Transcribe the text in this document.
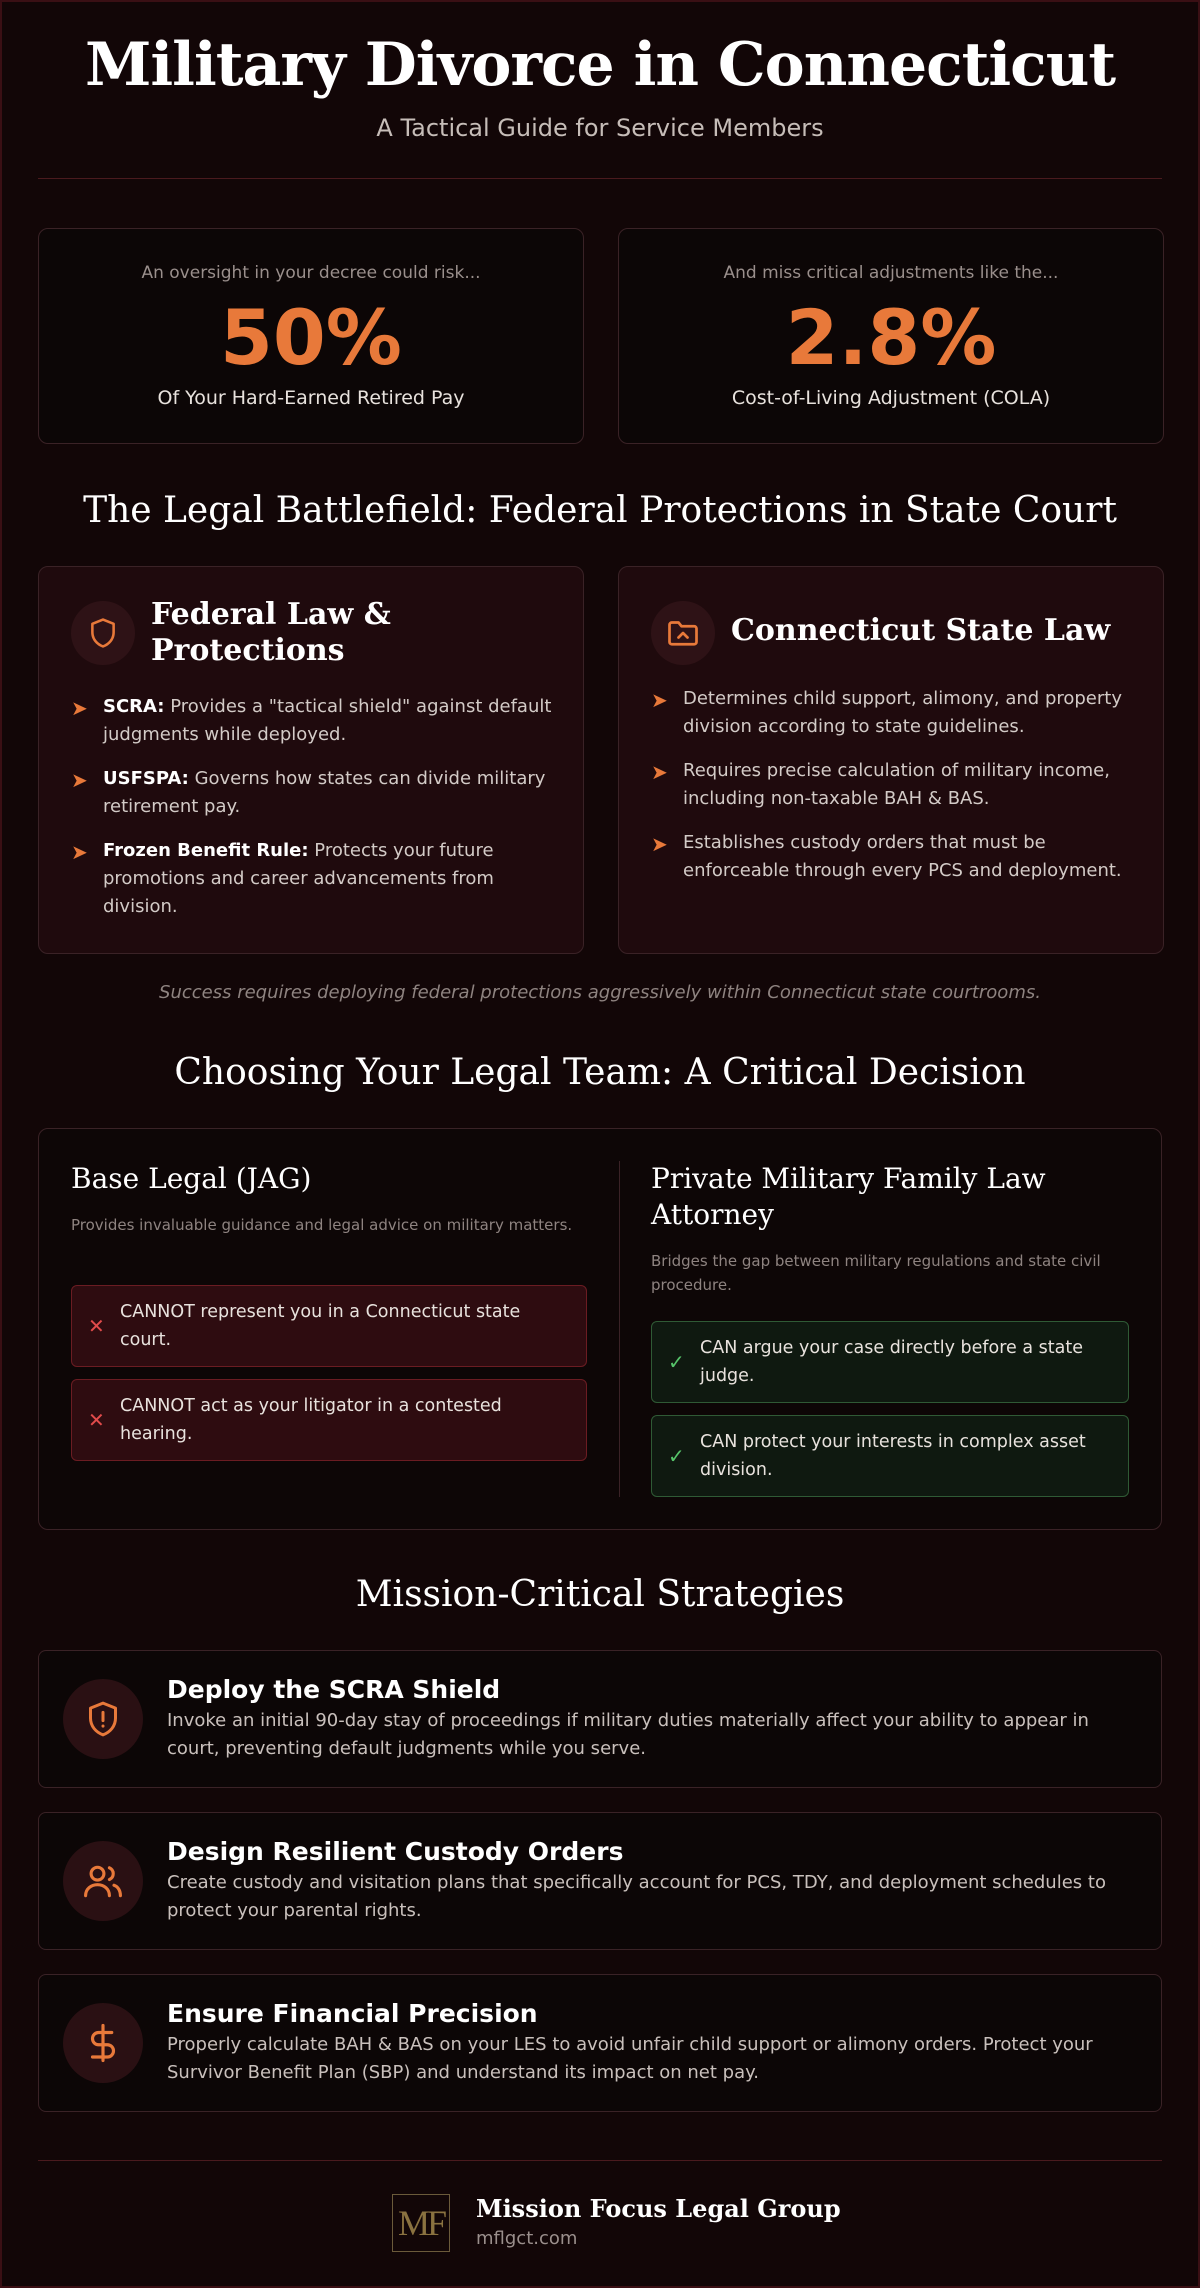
Military Divorce in Connecticut
A Tactical Guide for Service Members
An oversight in your decree could risk...
50%
Of Your Hard-Earned Retired Pay
And miss critical adjustments like the...
2.8%
Cost-of-Living Adjustment (COLA)
The Legal Battlefield: Federal Protections in State Court
Federal Law & Protections
➤ SCRA: Provides a "tactical shield" against default judgments while deployed.
➤ USFSPA: Governs how states can divide military retirement pay.
➤ Frozen Benefit Rule: Protects your future promotions and career advancements from division.
Connecticut State Law
➤ Determines child support, alimony, and property division according to state guidelines.
➤ Requires precise calculation of military income, including non-taxable BAH & BAS.
➤ Establishes custody orders that must be enforceable through every PCS and deployment.
Success requires deploying federal protections aggressively within Connecticut state courtrooms.
Choosing Your Legal Team: A Critical Decision
Base Legal (JAG)
Provides invaluable guidance and legal advice on military matters.
✕
CANNOT represent you in a Connecticut state court.
✕
CANNOT act as your litigator in a contested hearing.
Private Military Family Law Attorney
Bridges the gap between military regulations and state civil procedure.
✓
CAN argue your case directly before a state judge.
✓
CAN protect your interests in complex asset division.
Mission-Critical Strategies
Deploy the SCRA Shield
Invoke an initial 90-day stay of proceedings if military duties materially affect your ability to appear in court, preventing default judgments while you serve.
Design Resilient Custody Orders
Create custody and visitation plans that specifically account for PCS, TDY, and deployment schedules to protect your parental rights.
Ensure Financial Precision
Properly calculate BAH & BAS on your LES to avoid unfair child support or alimony orders. Protect your Survivor Benefit Plan (SBP) and understand its impact on net pay.
MF Mission Focus Legal Group
mflgct.com
